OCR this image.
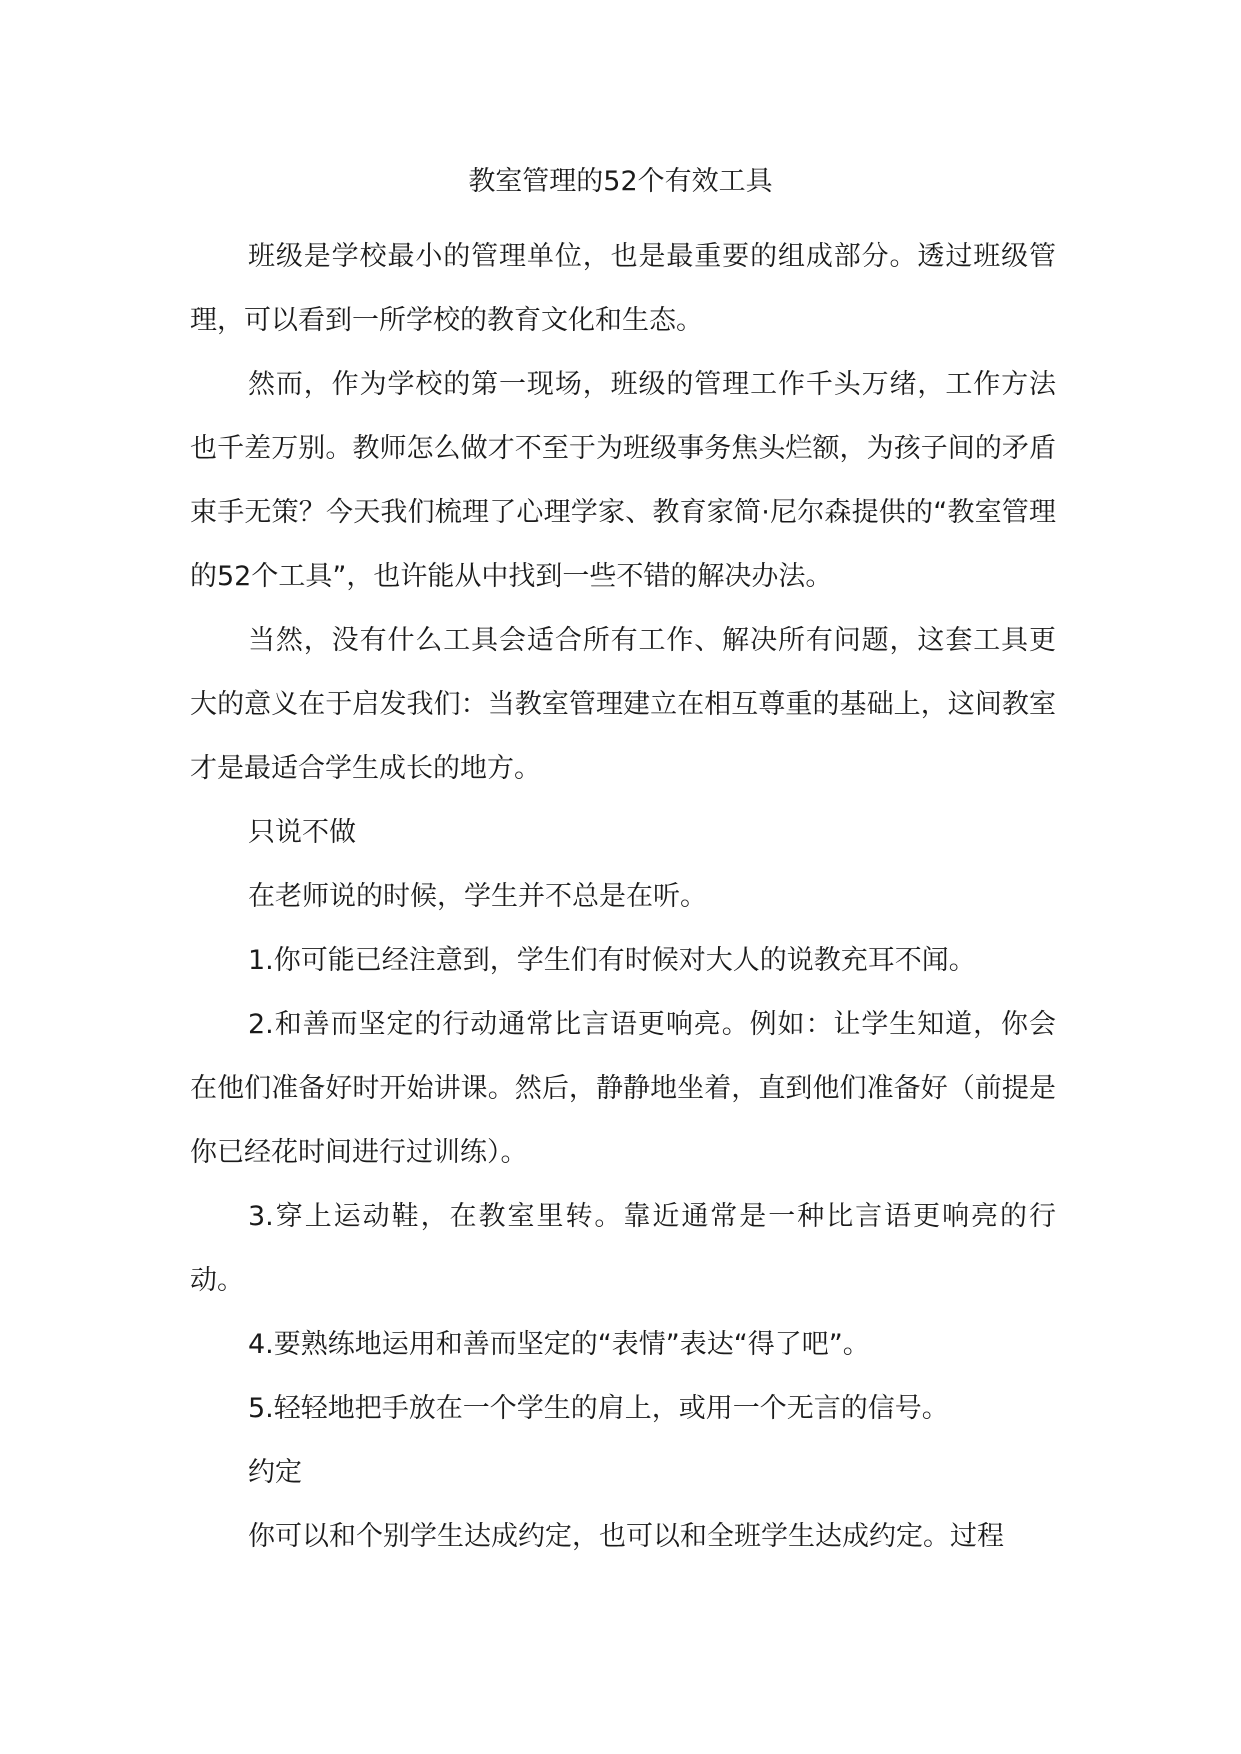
教室管理的52个有效工具

班级是学校最小的管理单位，也是最重要的组成部分。透过班级管理，可以看到一所学校的教育文化和生态。

然而，作为学校的第一现场，班级的管理工作千头万绪，工作方法也千差万别。教师怎么做才不至于为班级事务焦头烂额，为孩子间的矛盾束手无策？今天我们梳理了心理学家、教育家简·尼尔森提供的“教室管理的52个工具”，也许能从中找到一些不错的解决办法。

当然，没有什么工具会适合所有工作、解决所有问题，这套工具更大的意义在于启发我们：当教室管理建立在相互尊重的基础上，这间教室才是最适合学生成长的地方。

只说不做

在老师说的时候，学生并不总是在听。

1.你可能已经注意到，学生们有时候对大人的说教充耳不闻。

2.和善而坚定的行动通常比言语更响亮。例如：让学生知道，你会在他们准备好时开始讲课。然后，静静地坐着，直到他们准备好（前提是你已经花时间进行过训练）。

3.穿上运动鞋，在教室里转。靠近通常是一种比言语更响亮的行动。

4.要熟练地运用和善而坚定的“表情”表达“得了吧”。

5.轻轻地把手放在一个学生的肩上，或用一个无言的信号。

约定

你可以和个别学生达成约定，也可以和全班学生达成约定。过程
